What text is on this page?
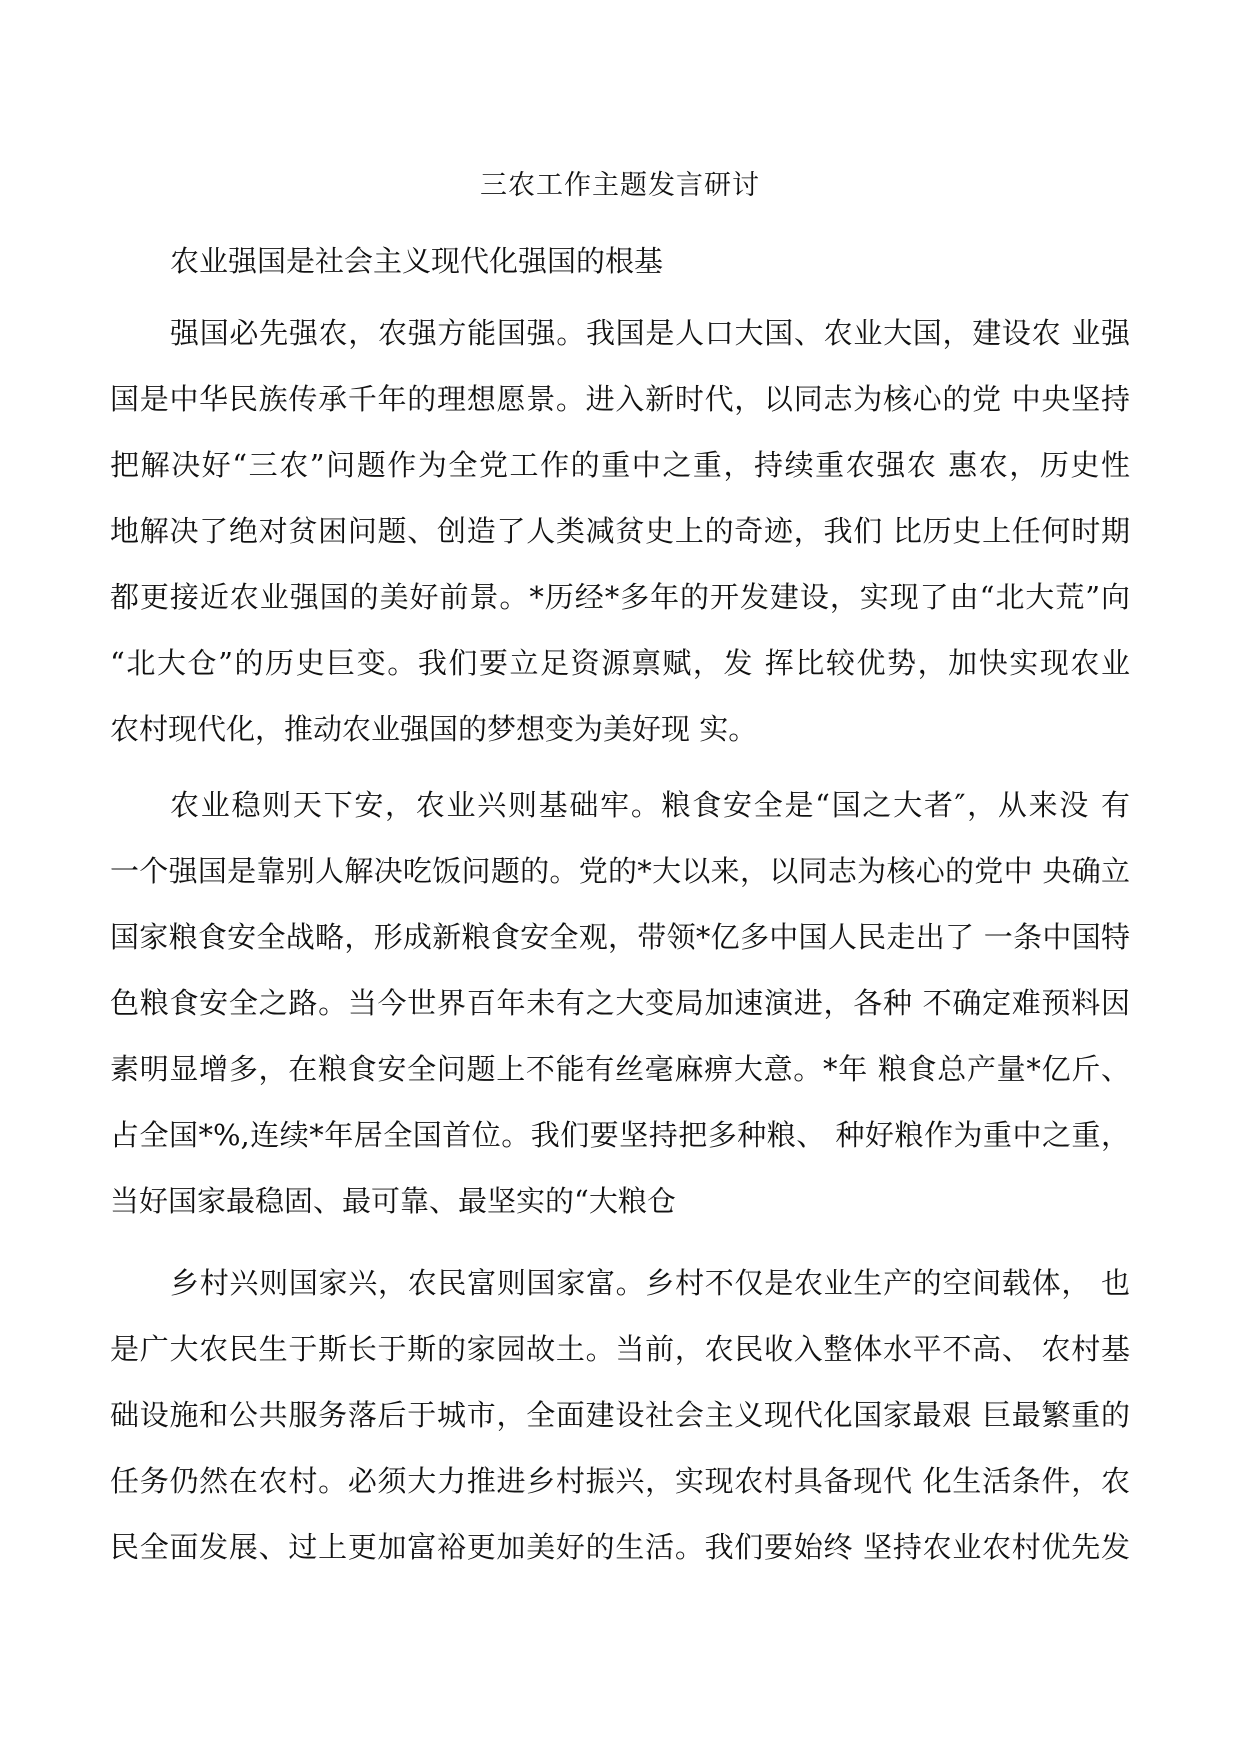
三农工作主题发言研讨
农业强国是社会主义现代化强国的根基

强国必先强农，农强方能国强。我国是人口大国、农业大国，建设农 业强

国是中华民族传承千年的理想愿景。进入新时代，以同志为核心的党 中央坚持

把解决好“三农”问题作为全党工作的重中之重，持续重农强农 惠农，历史性

地解决了绝对贫困问题、创造了人类减贫史上的奇迹，我们 比历史上任何时期

都更接近农业强国的美好前景。*历经*多年的开发建设，实现了由“北大荒”向

“北大仓”的历史巨变。我们要立足资源禀赋，发 挥比较优势，加快实现农业

农村现代化，推动农业强国的梦想变为美好现 实。

农业稳则天下安，农业兴则基础牢。粮食安全是“国之大者″，从来没 有

一个强国是靠别人解决吃饭问题的。党的*大以来，以同志为核心的党中 央确立

国家粮食安全战略，形成新粮食安全观，带领*亿多中国人民走出了 一条中国特

色粮食安全之路。当今世界百年未有之大变局加速演进，各种 不确定难预料因

素明显增多，在粮食安全问题上不能有丝毫麻痹大意。*年 粮食总产量*亿斤、

占全国*%,连续*年居全国首位。我们要坚持把多种粮、 种好粮作为重中之重，

当好国家最稳固、最可靠、最坚实的“大粮仓

乡村兴则国家兴，农民富则国家富。乡村不仅是农业生产的空间载体， 也

是广大农民生于斯长于斯的家园故土。当前，农民收入整体水平不高、 农村基

础设施和公共服务落后于城市，全面建设社会主义现代化国家最艰 巨最繁重的

任务仍然在农村。必须大力推进乡村振兴，实现农村具备现代 化生活条件，农

民全面发展、过上更加富裕更加美好的生活。我们要始终 坚持农业农村优先发
